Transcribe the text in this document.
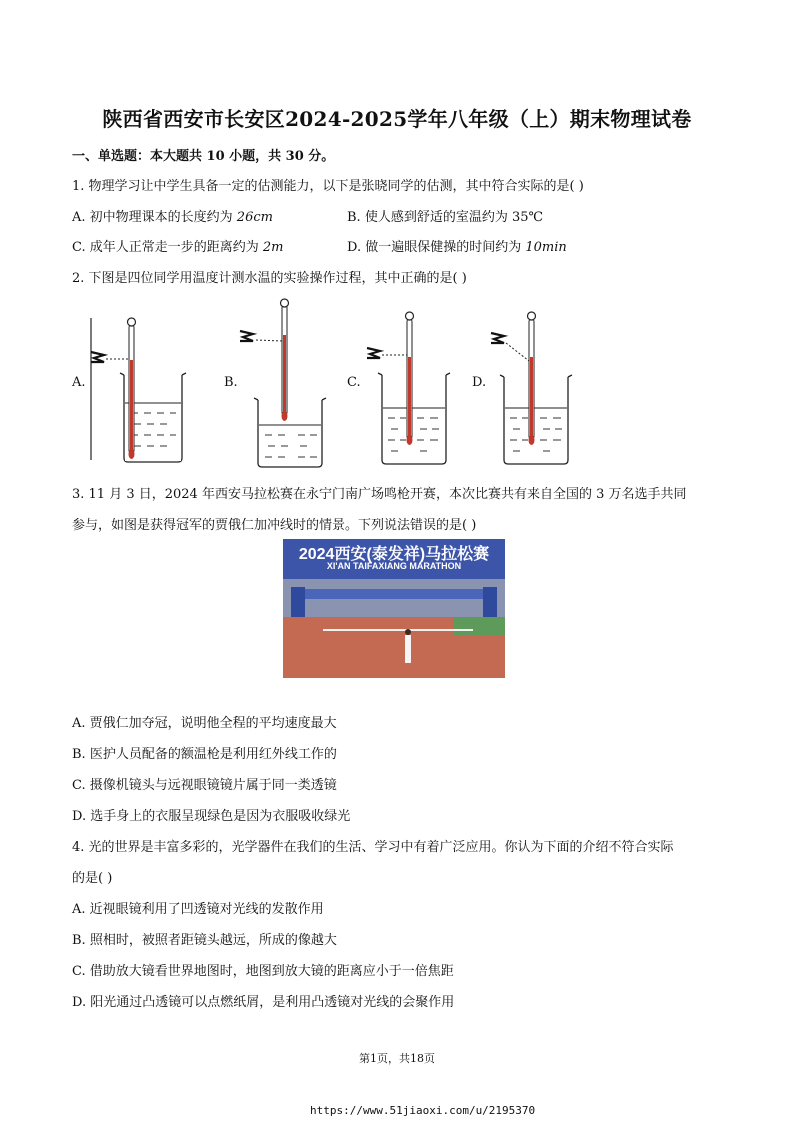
陕西省西安市长安区2024-2025学年八年级（上）期末物理试卷
一、单选题：本大题共 10 小题，共 30 分。
1. 物理学习让中学生具备一定的估测能力，以下是张晓同学的估测，其中符合实际的是( )
A. 初中物理课本的长度约为 26cm	B. 使人感到舒适的室温约为 35℃
C. 成年人正常走一步的距离约为 2m	D. 做一遍眼保健操的时间约为 10min
2. 下图是四位同学用温度计测水温的实验操作过程，其中正确的是( )
A.	B.	C.	D.
3. 11 月 3 日，2024 年西安马拉松赛在永宁门南广场鸣枪开赛，本次比赛共有来自全国的 3 万名选手共同
参与，如图是获得冠军的贾俄仁加冲线时的情景。下列说法错误的是( )
2024西安(泰发祥)马拉松赛
XI'AN TAIFAXIANG MARATHON
A. 贾俄仁加夺冠，说明他全程的平均速度最大
B. 医护人员配备的额温枪是利用红外线工作的
C. 摄像机镜头与远视眼镜镜片属于同一类透镜
D. 选手身上的衣服呈现绿色是因为衣服吸收绿光
4. 光的世界是丰富多彩的，光学器件在我们的生活、学习中有着广泛应用。你认为下面的介绍不符合实际
的是( )
A. 近视眼镜利用了凹透镜对光线的发散作用
B. 照相时，被照者距镜头越远，所成的像越大
C. 借助放大镜看世界地图时，地图到放大镜的距离应小于一倍焦距
D. 阳光通过凸透镜可以点燃纸屑，是利用凸透镜对光线的会聚作用
第1页，共18页
https://www.51jiaoxi.com/u/2195370
